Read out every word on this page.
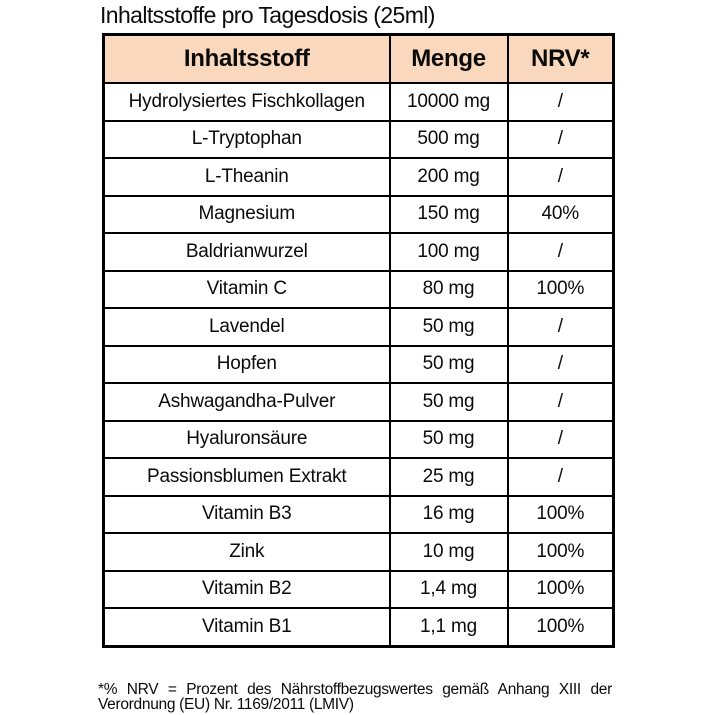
Inhaltsstoffe pro Tagesdosis (25ml)
Inhaltsstoff	Menge	NRV*
Hydrolysiertes Fischkollagen	10000 mg	/
L-Tryptophan	500 mg	/
L-Theanin	200 mg	/
Magnesium	150 mg	40%
Baldrianwurzel	100 mg	/
Vitamin C	80 mg	100%
Lavendel	50 mg	/
Hopfen	50 mg	/
Ashwagandha-Pulver	50 mg	/
Hyaluronsäure	50 mg	/
Passionsblumen Extrakt	25 mg	/
Vitamin B3	16 mg	100%
Zink	10 mg	100%
Vitamin B2	1,4 mg	100%
Vitamin B1	1,1 mg	100%
*% NRV = Prozent des Nährstoffbezugswertes gemäß Anhang XIII der Verordnung (EU) Nr. 1169/2011 (LMIV)
